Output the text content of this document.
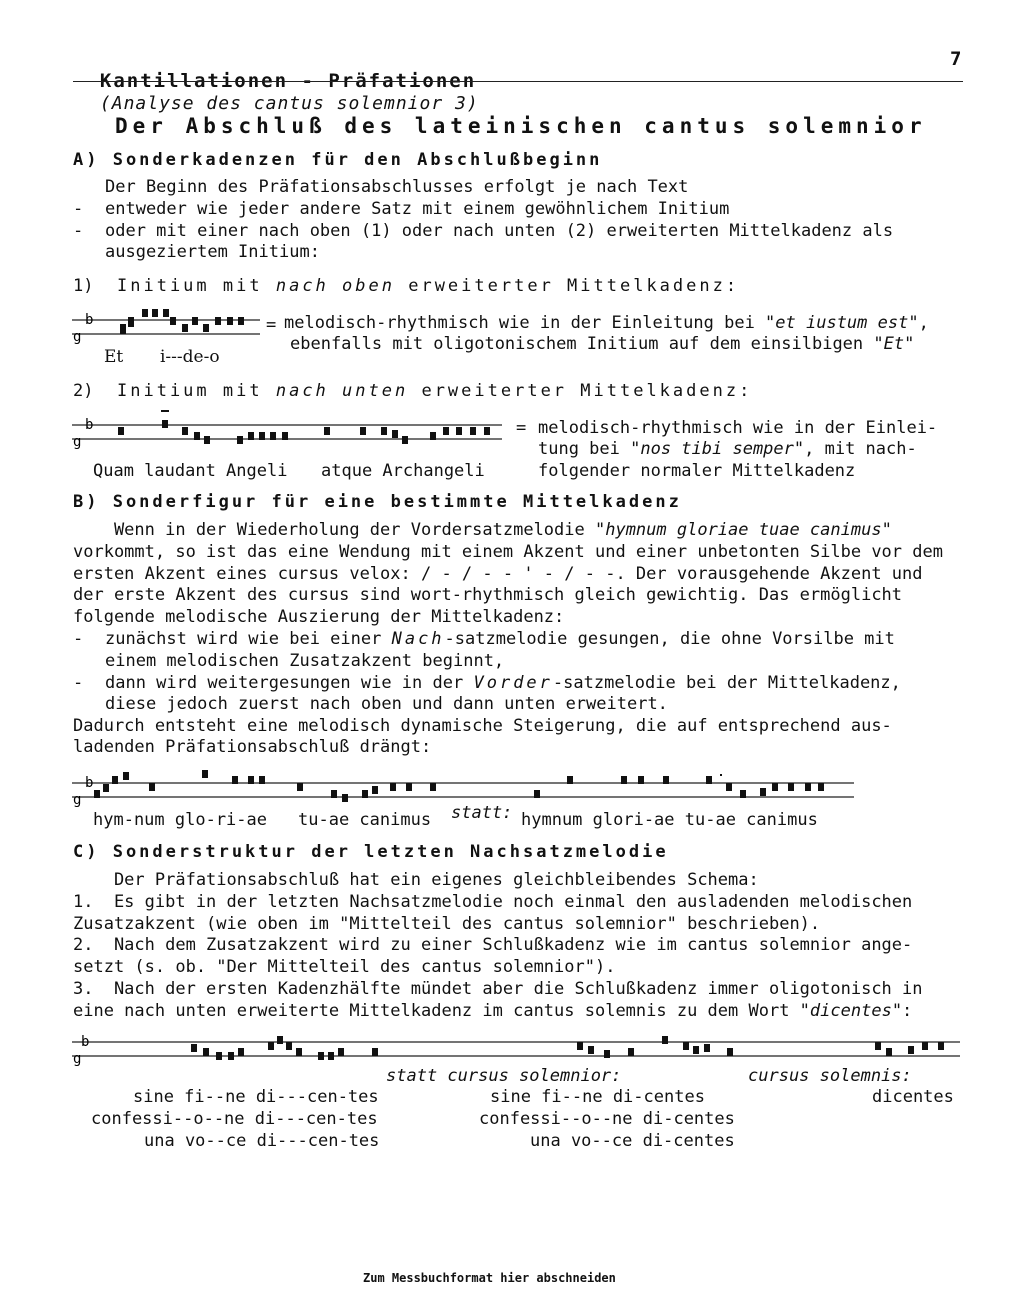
Kantillationen - Präfationen
(Analyse des cantus solemnior 3)

7
Der Abschluß des lateinischen cantus solemnior
A) Sonderkadenzen für den Abschlußbeginn
Der Beginn des Präfationsabschlusses erfolgt je nach Text
- entweder wie jeder andere Satz mit einem gewöhnlichem Initium
- oder mit einer nach oben (1) oder nach unten (2) erweiterten Mittelkadenz als
ausgeziertem Initium:
1) Initium mit nach oben erweiterter Mittelkadenz:
b
g
= melodisch-rhythmisch wie in der Einleitung bei "et iustum est",
ebenfalls mit oligotonischem Initium auf dem einsilbigen "Et"
Et i---de-o
2) Initium mit nach unten erweiterter Mittelkadenz:
b
g
= melodisch-rhythmisch wie in der Einlei-
tung bei "nos tibi semper", mit nach-
folgender normaler Mittelkadenz
Quam laudant Angeli atque Archangeli
B) Sonderfigur für eine bestimmte Mittelkadenz
Wenn in der Wiederholung der Vordersatzmelodie "hymnum gloriae tuae canimus"
vorkommt, so ist das eine Wendung mit einem Akzent und einer unbetonten Silbe vor dem
ersten Akzent eines cursus velox: / - / - - ' - / - -. Der vorausgehende Akzent und
der erste Akzent des cursus sind wort-rhythmisch gleich gewichtig. Das ermöglicht
folgende melodische Auszierung der Mittelkadenz:
- zunächst wird wie bei einer Nach-satzmelodie gesungen, die ohne Vorsilbe mit
einem melodischen Zusatzakzent beginnt,
- dann wird weitergesungen wie in der Vorder-satzmelodie bei der Mittelkadenz,
diese jedoch zuerst nach oben und dann unten erweitert.
Dadurch entsteht eine melodisch dynamische Steigerung, die auf entsprechend aus-
ladenden Präfationsabschluß drängt:
b
g
hym-num glo-ri-ae tu-ae canimus statt: hymnum glori-ae tu-ae canimus
C) Sonderstruktur der letzten Nachsatzmelodie
Der Präfationsabschluß hat ein eigenes gleichbleibendes Schema:
1.  Es gibt in der letzten Nachsatzmelodie noch einmal den ausladenden melodischen
Zusatzakzent (wie oben im "Mittelteil des cantus solemnior" beschrieben).
2.  Nach dem Zusatzakzent wird zu einer Schlußkadenz wie im cantus solemnior ange-
setzt (s. ob. "Der Mittelteil des cantus solemnior").
3.  Nach der ersten Kadenzhälfte mündet aber die Schlußkadenz immer oligotonisch in
eine nach unten erweiterte Mittelkadenz im cantus solemnis zu dem Wort "dicentes":
b
g
statt cursus solemnior:	cursus solemnis:
sine fi--ne di---cen-tes
confessi--o--ne di---cen-tes
una vo--ce di---cen-tes
sine fi--ne di-centes
confessi--o--ne di-centes
una vo--ce di-centes
dicentes
Zum Messbuchformat hier abschneiden
